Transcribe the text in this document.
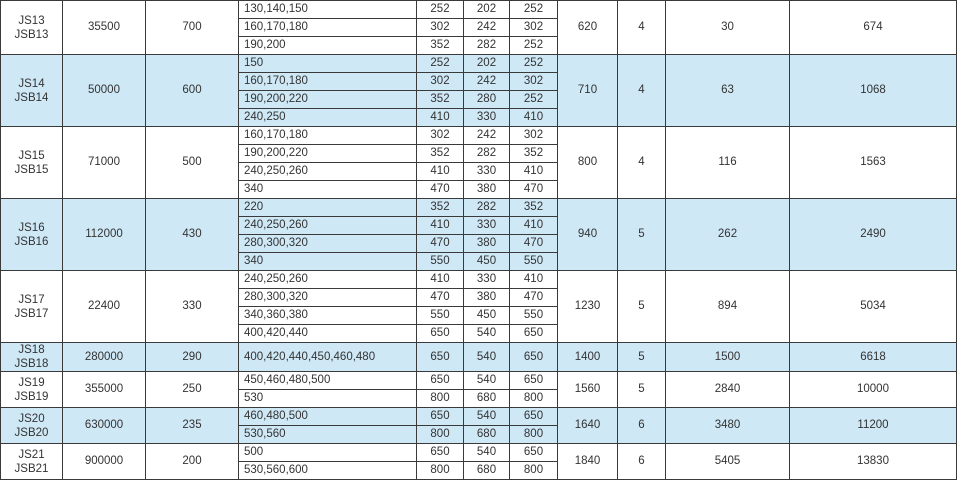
JS13
JSB13	35500	700	130,140,150	252	202	252	620	4	30	674
			160,170,180	302	242	302				
			190,200	352	282	252				

JS14
JSB14	50000	600	150	252	202	252	710	4	63	1068
			160,170,180	302	242	302				
			190,200,220	352	280	252				
			240,250	410	330	410				

JS15
JSB15	71000	500	160,170,180	302	242	302	800	4	116	1563
			190,200,220	352	282	352				
			240,250,260	410	330	410				
			340	470	380	470				

JS16
JSB16	112000	430	220	352	282	352	940	5	262	2490
			240,250,260	410	330	410				
			280,300,320	470	380	470				
			340	550	450	550				

JS17
JSB17	22400	330	240,250,260	410	330	410	1230	5	894	5034
			280,300,320	470	380	470				
			340,360,380	550	450	550				
			400,420,440	650	540	650				

JS18
JSB18	280000	290	400,420,440,450,460,480	650	540	650	1400	5	1500	6618

JS19
JSB19	355000	250	450,460,480,500	650	540	650	1560	5	2840	10000
			530	800	680	800				

JS20
JSB20	630000	235	460,480,500	650	540	650	1640	6	3480	11200
			530,560	800	680	800				

JS21
JSB21	900000	200	500	650	540	650	1840	6	5405	13830
			530,560,600	800	680	800				
